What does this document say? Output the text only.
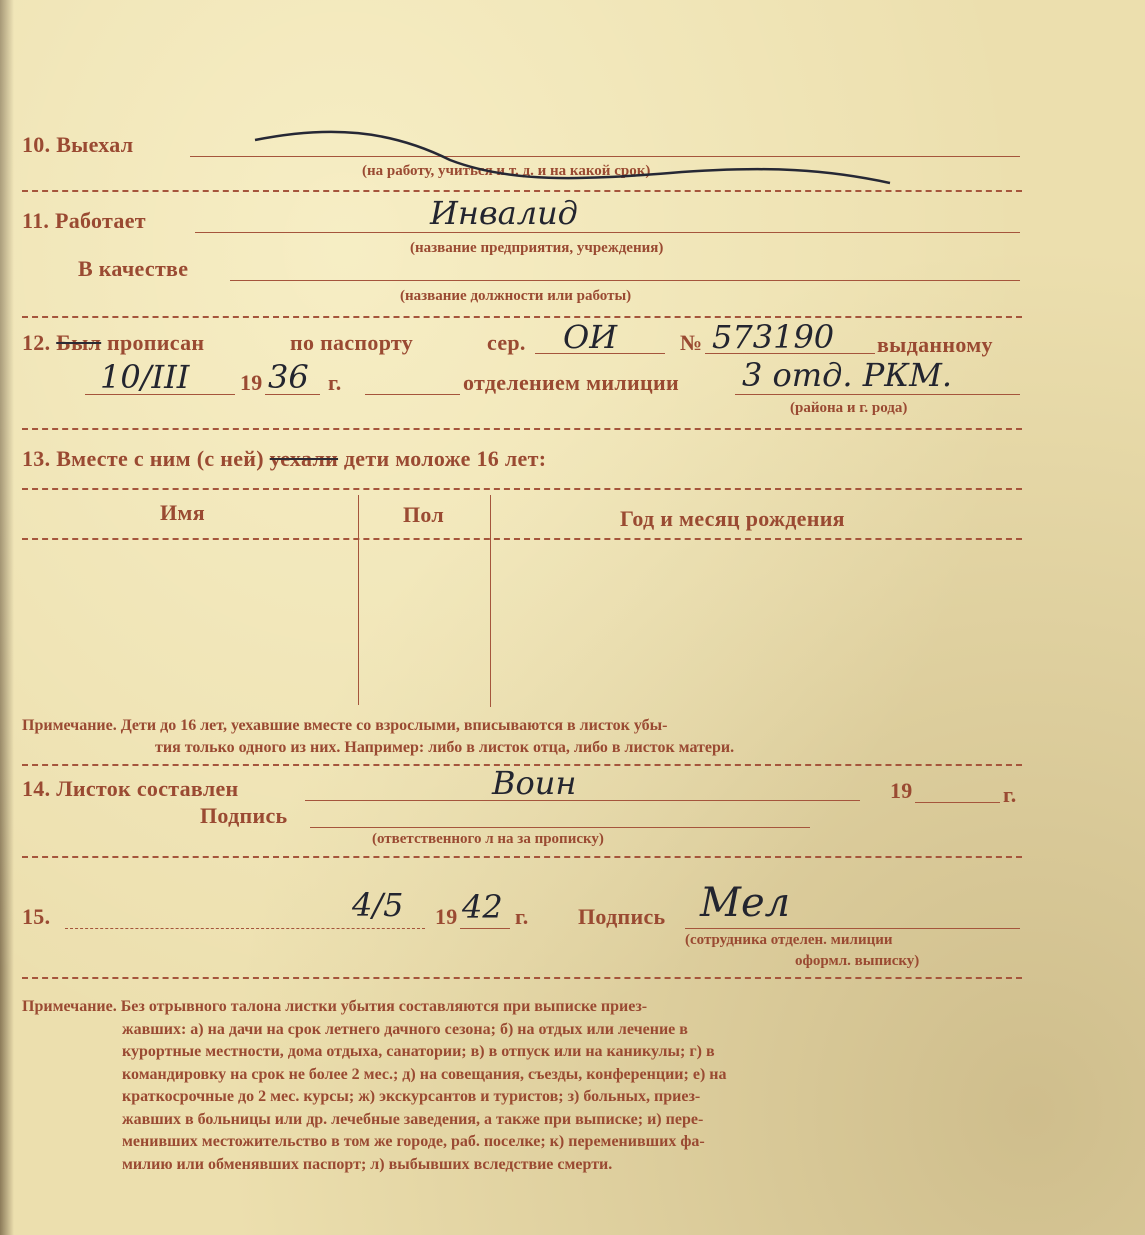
10. Выехал
(на работу, учиться и т. д. и на какой срок)
11. Работает	Инвалид
(название предприятия, учреждения)
В качестве
(название должности или работы)
12. Был прописан	по паспорту	сер. ОИ	№ 573190 выданному
10/III 19 36 г.	отделением милиции 3 отд. РКМ.
(района и г. рода)
13. Вместе с ним (с ней) уехали дети моложе 16 лет:
Имя	Пол	Год и месяц рождения
Примечание. Дети до 16 лет, уехавшие вместе со взрослыми, вписываются в листок убы-
тия только одного из них. Например: либо в листок отца, либо в листок матери.
14. Листок составлен	Воин	19	г.
Подпись
(ответственного л на за прописку)
15.	4/5 19 42 г. Подпись Мел
(сотрудника отделен. милиции
оформл. выписку)
Примечание. Без отрывного талона листки убытия составляются при выписке приез-
жавших: а) на дачи на срок летнего дачного сезона; б) на отдых или лечение в
курортные местности, дома отдыха, санатории; в) в отпуск или на каникулы; г) в
командировку на срок не более 2 мес.; д) на совещания, съезды, конференции; е) на
краткосрочные до 2 мес. курсы; ж) экскурсантов и туристов; з) больных, приез-
жавших в больницы или др. лечебные заведения, а также при выписке; и) пере-
менивших местожительство в том же городе, раб. поселке; к) переменивших фа-
милию или обменявших паспорт; л) выбывших вследствие смерти.
